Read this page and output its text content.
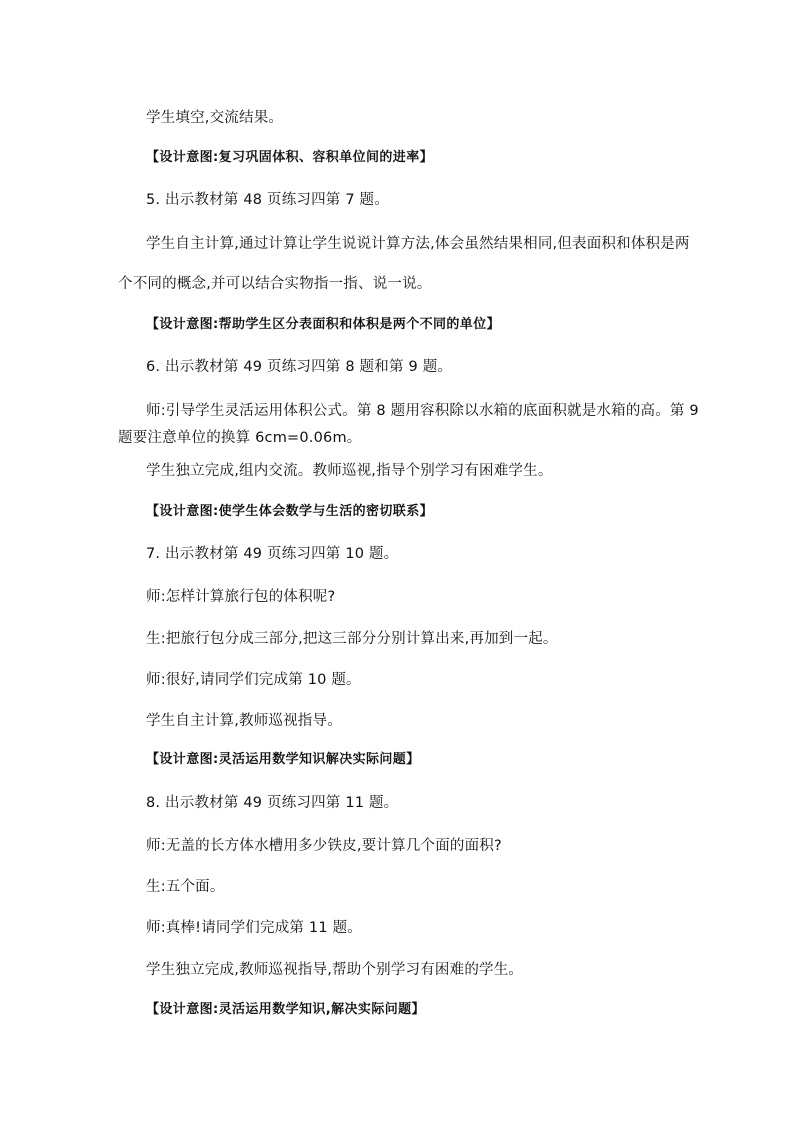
学生填空,交流结果。
【设计意图:复习巩固体积、容积单位间的进率】
5. 出示教材第 48 页练习四第 7 题。
学生自主计算,通过计算让学生说说计算方法,体会虽然结果相同,但表面积和体积是两
个不同的概念,并可以结合实物指一指、说一说。
【设计意图:帮助学生区分表面积和体积是两个不同的单位】
6. 出示教材第 49 页练习四第 8 题和第 9 题。
师:引导学生灵活运用体积公式。第 8 题用容积除以水箱的底面积就是水箱的高。第 9
题要注意单位的换算 6cm=0.06m。
学生独立完成,组内交流。教师巡视,指导个别学习有困难学生。
【设计意图:使学生体会数学与生活的密切联系】
7. 出示教材第 49 页练习四第 10 题。
师:怎样计算旅行包的体积呢?
生:把旅行包分成三部分,把这三部分分别计算出来,再加到一起。
师:很好,请同学们完成第 10 题。
学生自主计算,教师巡视指导。
【设计意图:灵活运用数学知识解决实际问题】
8. 出示教材第 49 页练习四第 11 题。
师:无盖的长方体水槽用多少铁皮,要计算几个面的面积?
生:五个面。
师:真棒!请同学们完成第 11 题。
学生独立完成,教师巡视指导,帮助个别学习有困难的学生。
【设计意图:灵活运用数学知识,解决实际问题】
